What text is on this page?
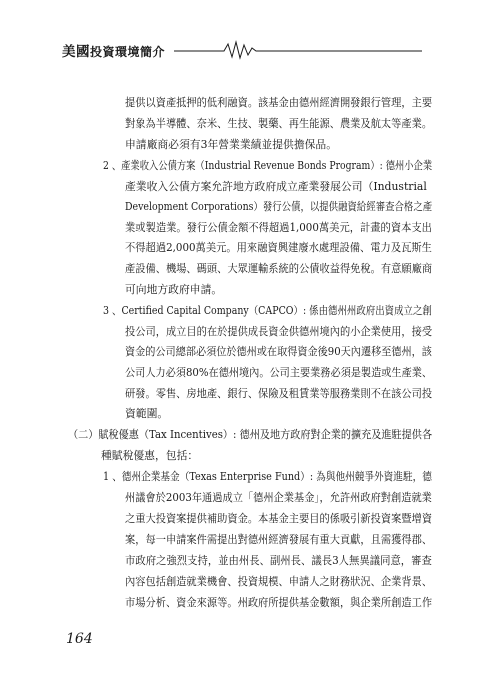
美國投資環境簡介
提供以資產抵押的低利融資。該基金由德州經濟開發銀行管理，主要
對象為半導體、奈米、生技、製藥、再生能源、農業及航太等產業。
申請廠商必須有3年營業業績並提供擔保品。
2 、產業收入公債方案（Industrial Revenue Bonds Program）: 德州小企業
產業收入公債方案允許地方政府成立產業發展公司（Industrial
Development Corporations）發行公債，以提供融資給經審查合格之產
業或製造業。發行公債金額不得超過1,000萬美元，計畫的資本支出
不得超過2,000萬美元。用來融資興建廢水處理設備、電力及瓦斯生
產設備、機場、碼頭、大眾運輸系統的公債收益得免稅。有意願廠商
可向地方政府申請。
3 、Certified Capital Company（CAPCO）: 係由德州州政府出資成立之創
投公司，成立目的在於提供成長資金供德州境內的小企業使用，接受
資金的公司總部必須位於德州或在取得資金後90天內遷移至德州，該
公司人力必須80%在德州境內。公司主要業務必須是製造或生產業、
研發。零售、房地產、銀行、保險及租賃業等服務業則不在該公司投
資範圍。
（二）賦稅優惠（Tax Incentives）: 德州及地方政府對企業的擴充及進駐提供各
種賦稅優惠，包括：
1 、德州企業基金（Texas Enterprise Fund）: 為與他州競爭外資進駐，德
州議會於2003年通過成立「德州企業基金」，允許州政府對創造就業
之重大投資案提供補助資金。本基金主要目的係吸引新投資案暨增資
案，每一申請案件需提出對德州經濟發展有重大貢獻，且需獲得郡、
市政府之強烈支持，並由州長、副州長、議長3人無異議同意，審查
內容包括創造就業機會、投資規模、申請人之財務狀況、企業背景、
市場分析、資金來源等。州政府所提供基金數額，與企業所創造工作
164
